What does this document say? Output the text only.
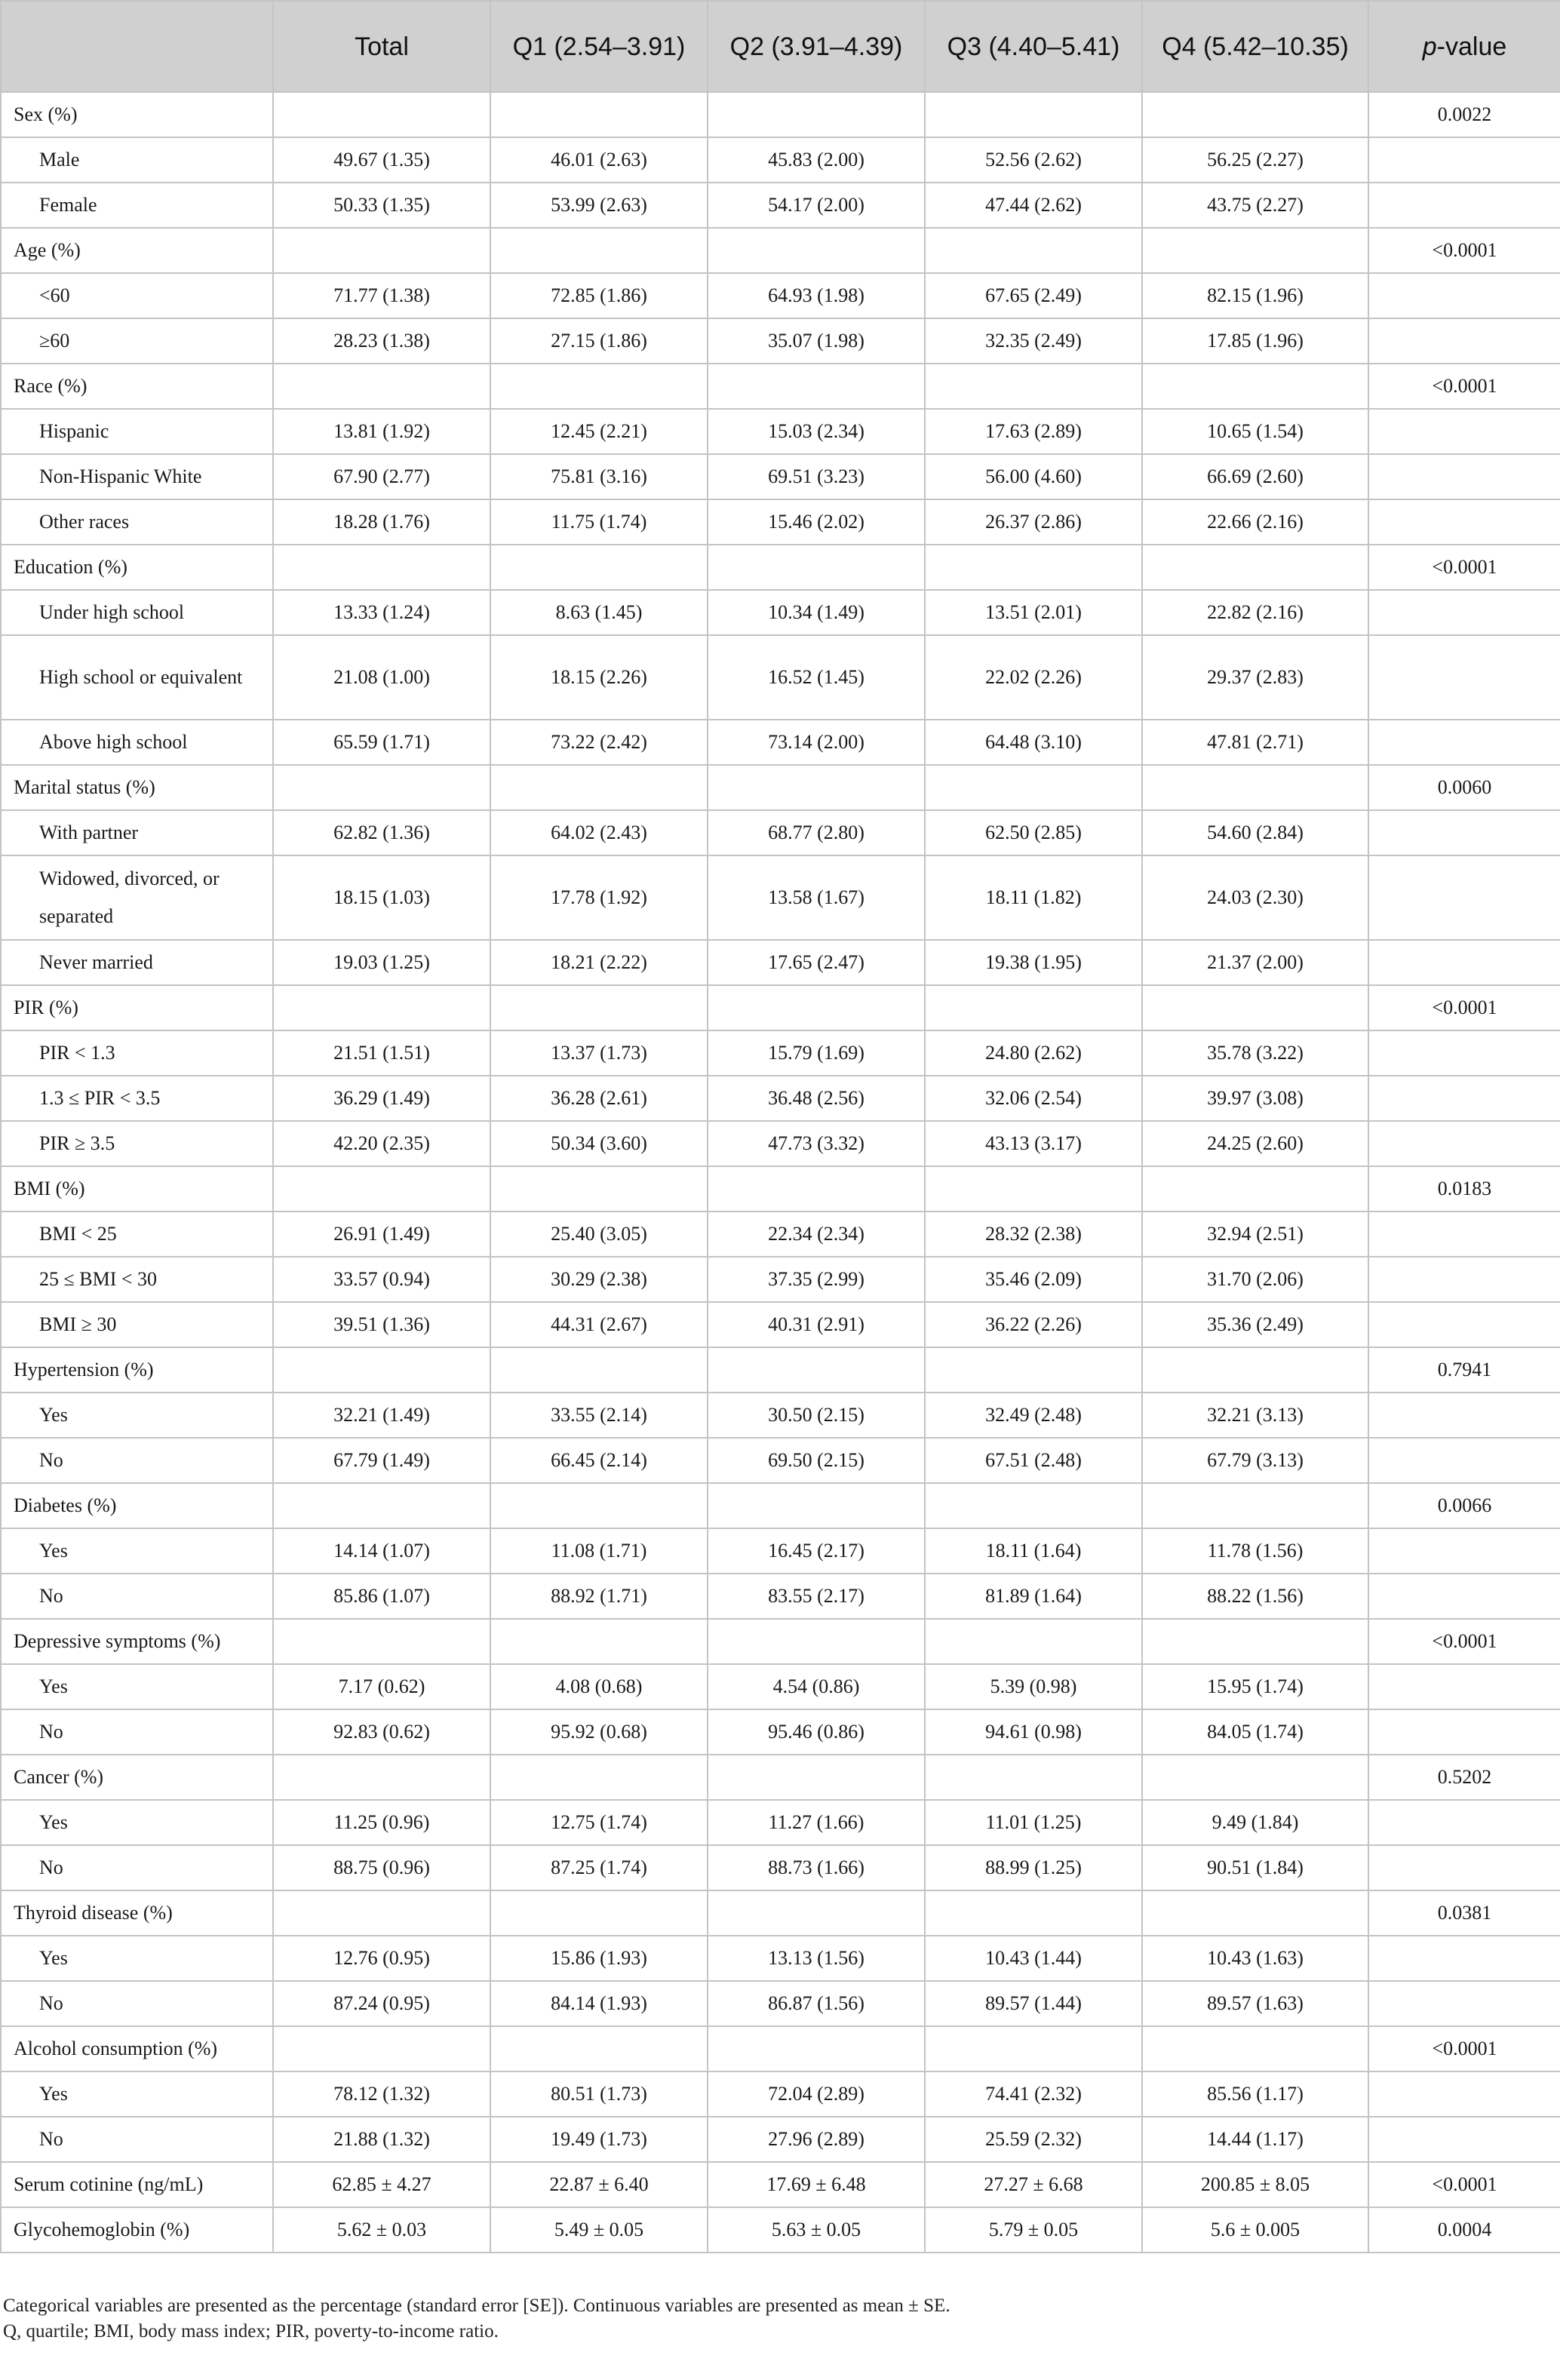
	Total	Q1 (2.54–3.91)	Q2 (3.91–4.39)	Q3 (4.40–5.41)	Q4 (5.42–10.35)	p-value
Sex (%)						0.0022
Male	49.67 (1.35)	46.01 (2.63)	45.83 (2.00)	52.56 (2.62)	56.25 (2.27)	
Female	50.33 (1.35)	53.99 (2.63)	54.17 (2.00)	47.44 (2.62)	43.75 (2.27)	
Age (%)						<0.0001
<60	71.77 (1.38)	72.85 (1.86)	64.93 (1.98)	67.65 (2.49)	82.15 (1.96)	
≥60	28.23 (1.38)	27.15 (1.86)	35.07 (1.98)	32.35 (2.49)	17.85 (1.96)	
Race (%)						<0.0001
Hispanic	13.81 (1.92)	12.45 (2.21)	15.03 (2.34)	17.63 (2.89)	10.65 (1.54)	
Non-Hispanic White	67.90 (2.77)	75.81 (3.16)	69.51 (3.23)	56.00 (4.60)	66.69 (2.60)	
Other races	18.28 (1.76)	11.75 (1.74)	15.46 (2.02)	26.37 (2.86)	22.66 (2.16)	
Education (%)						<0.0001
Under high school	13.33 (1.24)	8.63 (1.45)	10.34 (1.49)	13.51 (2.01)	22.82 (2.16)	
High school or equivalent	21.08 (1.00)	18.15 (2.26)	16.52 (1.45)	22.02 (2.26)	29.37 (2.83)	
Above high school	65.59 (1.71)	73.22 (2.42)	73.14 (2.00)	64.48 (3.10)	47.81 (2.71)	
Marital status (%)						0.0060
With partner	62.82 (1.36)	64.02 (2.43)	68.77 (2.80)	62.50 (2.85)	54.60 (2.84)	
Widowed, divorced, or separated	18.15 (1.03)	17.78 (1.92)	13.58 (1.67)	18.11 (1.82)	24.03 (2.30)	
Never married	19.03 (1.25)	18.21 (2.22)	17.65 (2.47)	19.38 (1.95)	21.37 (2.00)	
PIR (%)						<0.0001
PIR < 1.3	21.51 (1.51)	13.37 (1.73)	15.79 (1.69)	24.80 (2.62)	35.78 (3.22)	
1.3 ≤ PIR < 3.5	36.29 (1.49)	36.28 (2.61)	36.48 (2.56)	32.06 (2.54)	39.97 (3.08)	
PIR ≥ 3.5	42.20 (2.35)	50.34 (3.60)	47.73 (3.32)	43.13 (3.17)	24.25 (2.60)	
BMI (%)						0.0183
BMI < 25	26.91 (1.49)	25.40 (3.05)	22.34 (2.34)	28.32 (2.38)	32.94 (2.51)	
25 ≤ BMI < 30	33.57 (0.94)	30.29 (2.38)	37.35 (2.99)	35.46 (2.09)	31.70 (2.06)	
BMI ≥ 30	39.51 (1.36)	44.31 (2.67)	40.31 (2.91)	36.22 (2.26)	35.36 (2.49)	
Hypertension (%)						0.7941
Yes	32.21 (1.49)	33.55 (2.14)	30.50 (2.15)	32.49 (2.48)	32.21 (3.13)	
No	67.79 (1.49)	66.45 (2.14)	69.50 (2.15)	67.51 (2.48)	67.79 (3.13)	
Diabetes (%)						0.0066
Yes	14.14 (1.07)	11.08 (1.71)	16.45 (2.17)	18.11 (1.64)	11.78 (1.56)	
No	85.86 (1.07)	88.92 (1.71)	83.55 (2.17)	81.89 (1.64)	88.22 (1.56)	
Depressive symptoms (%)						<0.0001
Yes	7.17 (0.62)	4.08 (0.68)	4.54 (0.86)	5.39 (0.98)	15.95 (1.74)	
No	92.83 (0.62)	95.92 (0.68)	95.46 (0.86)	94.61 (0.98)	84.05 (1.74)	
Cancer (%)						0.5202
Yes	11.25 (0.96)	12.75 (1.74)	11.27 (1.66)	11.01 (1.25)	9.49 (1.84)	
No	88.75 (0.96)	87.25 (1.74)	88.73 (1.66)	88.99 (1.25)	90.51 (1.84)	
Thyroid disease (%)						0.0381
Yes	12.76 (0.95)	15.86 (1.93)	13.13 (1.56)	10.43 (1.44)	10.43 (1.63)	
No	87.24 (0.95)	84.14 (1.93)	86.87 (1.56)	89.57 (1.44)	89.57 (1.63)	
Alcohol consumption (%)						<0.0001
Yes	78.12 (1.32)	80.51 (1.73)	72.04 (2.89)	74.41 (2.32)	85.56 (1.17)	
No	21.88 (1.32)	19.49 (1.73)	27.96 (2.89)	25.59 (2.32)	14.44 (1.17)	
Serum cotinine (ng/mL)	62.85 ± 4.27	22.87 ± 6.40	17.69 ± 6.48	27.27 ± 6.68	200.85 ± 8.05	<0.0001
Glycohemoglobin (%)	5.62 ± 0.03	5.49 ± 0.05	5.63 ± 0.05	5.79 ± 0.05	5.6 ± 0.005	0.0004
Categorical variables are presented as the percentage (standard error [SE]). Continuous variables are presented as mean ± SE.
Q, quartile; BMI, body mass index; PIR, poverty-to-income ratio.
